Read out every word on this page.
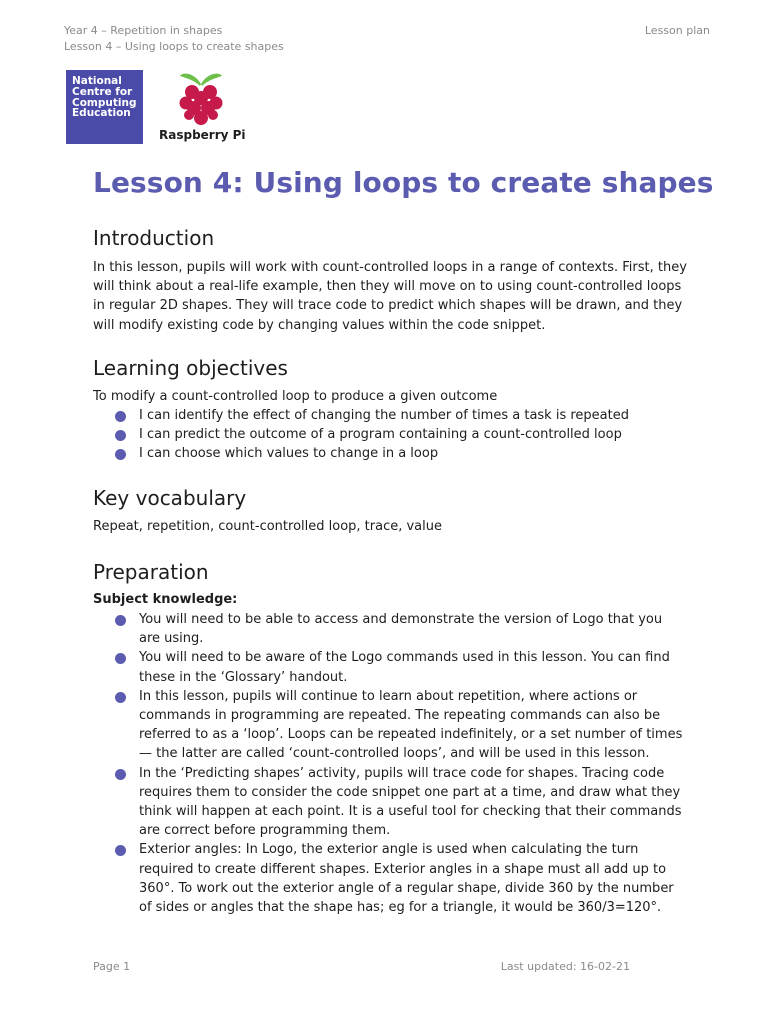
Year 4 – Repetition in shapes
Lesson 4 – Using loops to create shapes
Lesson plan
National
Centre for
Computing
Education
Raspberry Pi
Lesson 4: Using loops to create shapes
Introduction

In this lesson, pupils will work with count-controlled loops in a range of contexts. First, they will think about a real-life example, then they will move on to using count-controlled loops in regular 2D shapes. They will trace code to predict which shapes will be drawn, and they will modify existing code by changing values within the code snippet.

Learning objectives

To modify a count-controlled loop to produce a given outcome

I can identify the effect of changing the number of times a task is repeated
I can predict the outcome of a program containing a count-controlled loop
I can choose which values to change in a loop
Key vocabulary

Repeat, repetition, count-controlled loop, trace, value

Preparation

Subject knowledge:

You will need to be able to access and demonstrate the version of Logo that you are using.
You will need to be aware of the Logo commands used in this lesson. You can find these in the ‘Glossary’ handout.
In this lesson, pupils will continue to learn about repetition, where actions or commands in programming are repeated. The repeating commands can also be referred to as a ‘loop’. Loops can be repeated indefinitely, or a set number of times — the latter are called ‘count-controlled loops’, and will be used in this lesson.
In the ‘Predicting shapes’ activity, pupils will trace code for shapes. Tracing code requires them to consider the code snippet one part at a time, and draw what they think will happen at each point. It is a useful tool for checking that their commands are correct before programming them.
Exterior angles: In Logo, the exterior angle is used when calculating the turn required to create different shapes. Exterior angles in a shape must all add up to 360°. To work out the exterior angle of a regular shape, divide 360 by the number of sides or angles that the shape has; eg for a triangle, it would be 360/3=120°.
Page 1	Last updated: 16-02-21
